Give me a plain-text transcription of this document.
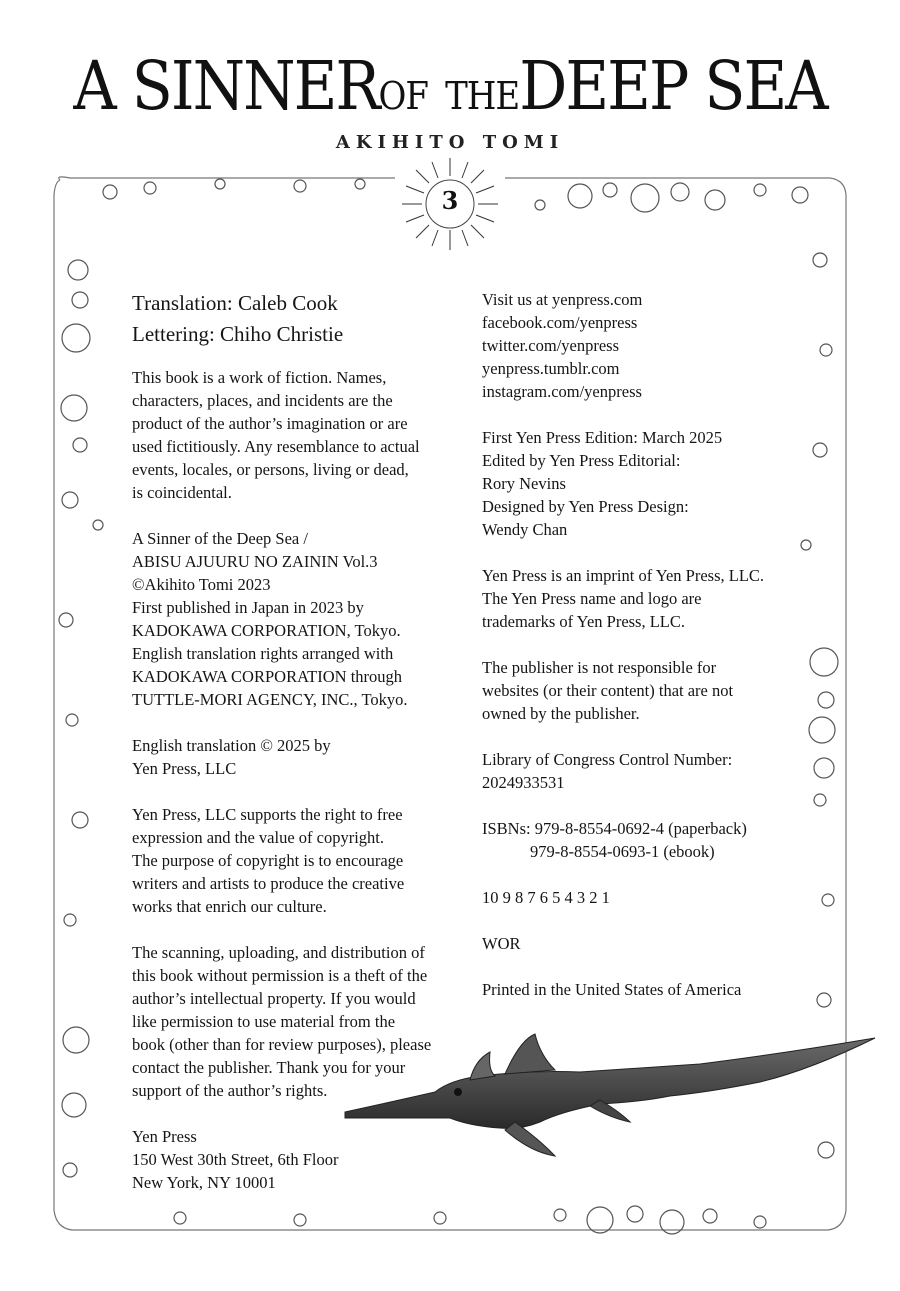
A SINNEROF THEDEEP SEA
AKIHITO TOMI
3

Translation: Caleb Cook
Lettering: Chiho Christie

This book is a work of fiction. Names,
characters, places, and incidents are the
product of the author’s imagination or are
used fictitiously. Any resemblance to actual
events, locales, or persons, living or dead,
is coincidental.

A Sinner of the Deep Sea /
ABISU AJUURU NO ZAININ Vol.3
©Akihito Tomi 2023
First published in Japan in 2023 by
KADOKAWA CORPORATION, Tokyo.
English translation rights arranged with
KADOKAWA CORPORATION through
TUTTLE-MORI AGENCY, INC., Tokyo.

English translation © 2025 by
Yen Press, LLC

Yen Press, LLC supports the right to free
expression and the value of copyright.
The purpose of copyright is to encourage
writers and artists to produce the creative
works that enrich our culture.

The scanning, uploading, and distribution of
this book without permission is a theft of the
author’s intellectual property. If you would
like permission to use material from the
book (other than for review purposes), please
contact the publisher. Thank you for your
support of the author’s rights.

Yen Press
150 West 30th Street, 6th Floor
New York, NY 10001

Visit us at yenpress.com
facebook.com/yenpress
twitter.com/yenpress
yenpress.tumblr.com
instagram.com/yenpress

First Yen Press Edition: March 2025
Edited by Yen Press Editorial:
Rory Nevins
Designed by Yen Press Design:
Wendy Chan

Yen Press is an imprint of Yen Press, LLC.
The Yen Press name and logo are
trademarks of Yen Press, LLC.

The publisher is not responsible for
websites (or their content) that are not
owned by the publisher.

Library of Congress Control Number:
2024933531

ISBNs: 979-8-8554-0692-4 (paperback)
979-8-8554-0693-1 (ebook)

10 9 8 7 6 5 4 3 2 1

WOR

Printed in the United States of America
